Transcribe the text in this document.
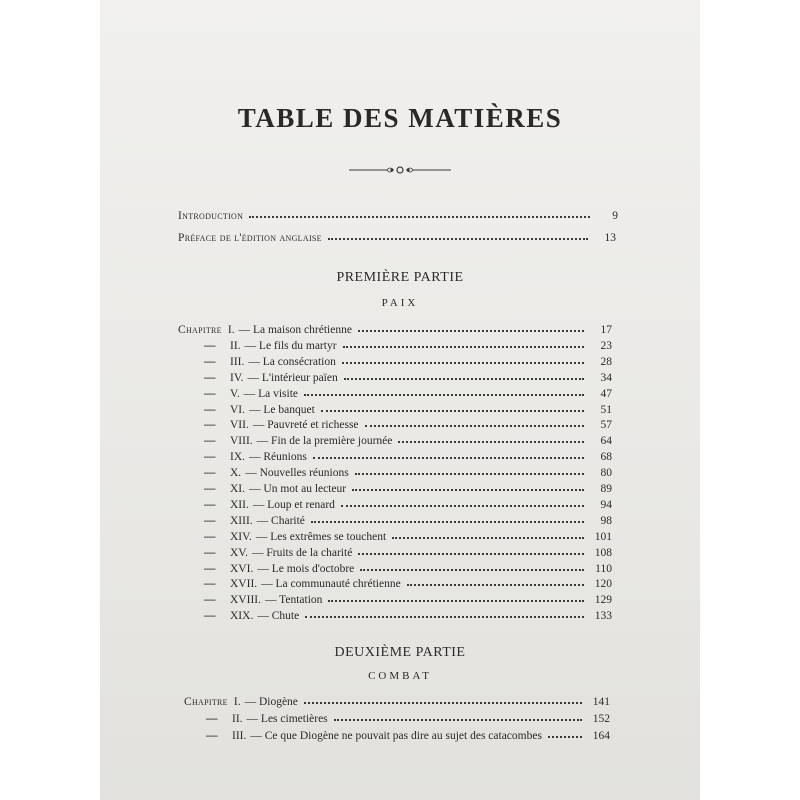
TABLE DES MATIÈRES
Introduction	9
Préface de l'édition anglaise	13
PREMIÈRE PARTIE
PAIX
Chapitre I. — La maison chrétienne	17
— II. — Le fils du martyr	23
— III. — La consécration	28
— IV. — L'intérieur païen	34
— V. — La visite	47
— VI. — Le banquet	51
— VII. — Pauvreté et richesse	57
— VIII. — Fin de la première journée	64
— IX. — Réunions	68
— X. — Nouvelles réunions	80
— XI. — Un mot au lecteur	89
— XII. — Loup et renard	94
— XIII. — Charité	98
— XIV. — Les extrêmes se touchent	101
— XV. — Fruits de la charité	108
— XVI. — Le mois d'octobre	110
— XVII. — La communauté chrétienne	120
— XVIII. — Tentation	129
— XIX. — Chute	133
DEUXIÈME PARTIE
COMBAT
Chapitre I. — Diogène	141
— II. — Les cimetières	152
— III. — Ce que Diogène ne pouvait pas dire au sujet des catacombes	164
